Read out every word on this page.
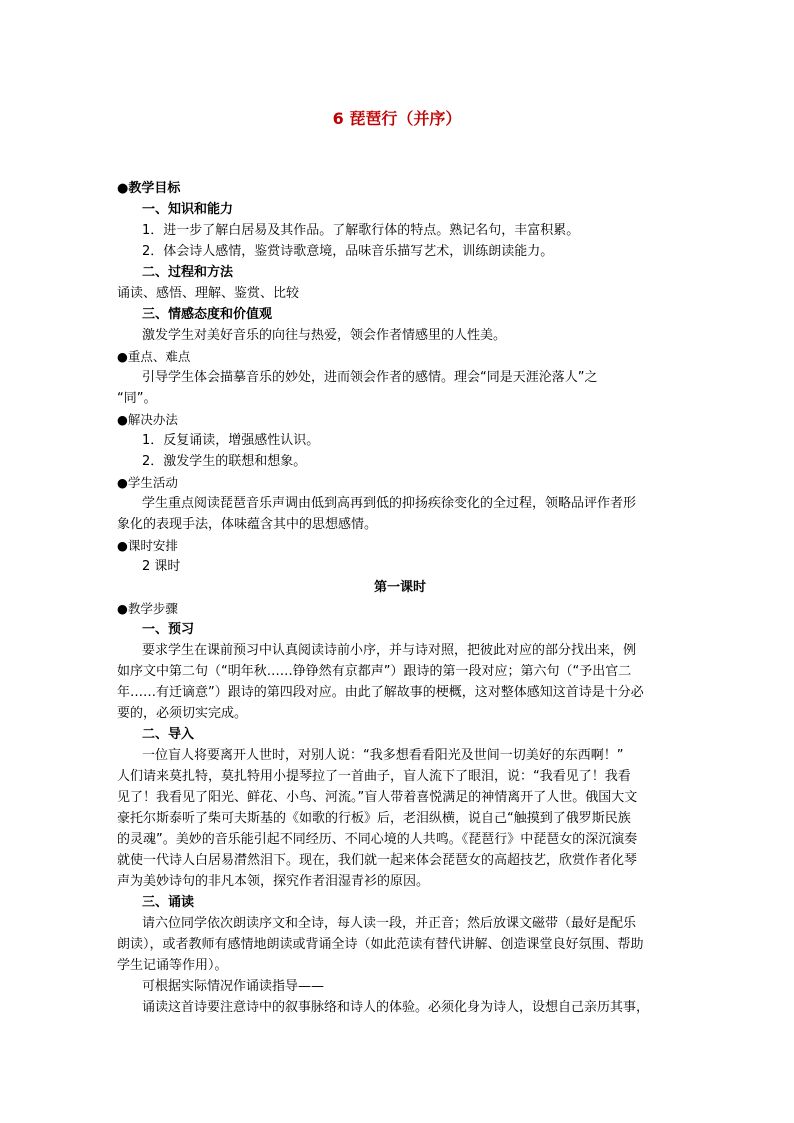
6 琵琶行（并序）
●教学目标
一、知识和能力
1．进一步了解白居易及其作品。了解歌行体的特点。熟记名句，丰富积累。
2．体会诗人感情，鉴赏诗歌意境，品味音乐描写艺术，训练朗读能力。
二、过程和方法
诵读、感悟、理解、鉴赏、比较
三、情感态度和价值观
激发学生对美好音乐的向往与热爱，领会作者情感里的人性美。
●重点、难点
引导学生体会描摹音乐的妙处，进而领会作者的感情。理会“同是天涯沦落人”之
“同”。
●解决办法
1．反复诵读，增强感性认识。
2．激发学生的联想和想象。
●学生活动
学生重点阅读琵琶音乐声调由低到高再到低的抑扬疾徐变化的全过程，领略品评作者形
象化的表现手法，体味蕴含其中的思想感情。
●课时安排
2 课时
第一课时
●教学步骤
一、预习
要求学生在课前预习中认真阅读诗前小序，并与诗对照，把彼此对应的部分找出来，例
如序文中第二句（“明年秋……铮铮然有京都声”）跟诗的第一段对应；第六句（“予出官二
年……有迁谪意”）跟诗的第四段对应。由此了解故事的梗概，这对整体感知这首诗是十分必
要的，必须切实完成。
二、导入
一位盲人将要离开人世时，对别人说：“我多想看看阳光及世间一切美好的东西啊！”
人们请来莫扎特，莫扎特用小提琴拉了一首曲子，盲人流下了眼泪，说：“我看见了！我看
见了！我看见了阳光、鲜花、小鸟、河流。”盲人带着喜悦满足的神情离开了人世。俄国大文
豪托尔斯泰听了柴可夫斯基的《如歌的行板》后，老泪纵横，说自己“触摸到了俄罗斯民族
的灵魂”。美妙的音乐能引起不同经历、不同心境的人共鸣。《琵琶行》中琵琶女的深沉演奏
就使一代诗人白居易潸然泪下。现在，我们就一起来体会琵琶女的高超技艺，欣赏作者化琴
声为美妙诗句的非凡本领，探究作者泪湿青衫的原因。
三、诵读
请六位同学依次朗读序文和全诗，每人读一段，并正音；然后放课文磁带（最好是配乐
朗读），或者教师有感情地朗读或背诵全诗（如此范读有替代讲解、创造课堂良好氛围、帮助
学生记诵等作用）。
可根据实际情况作诵读指导——
诵读这首诗要注意诗中的叙事脉络和诗人的体验。必须化身为诗人，设想自己亲历其事，
